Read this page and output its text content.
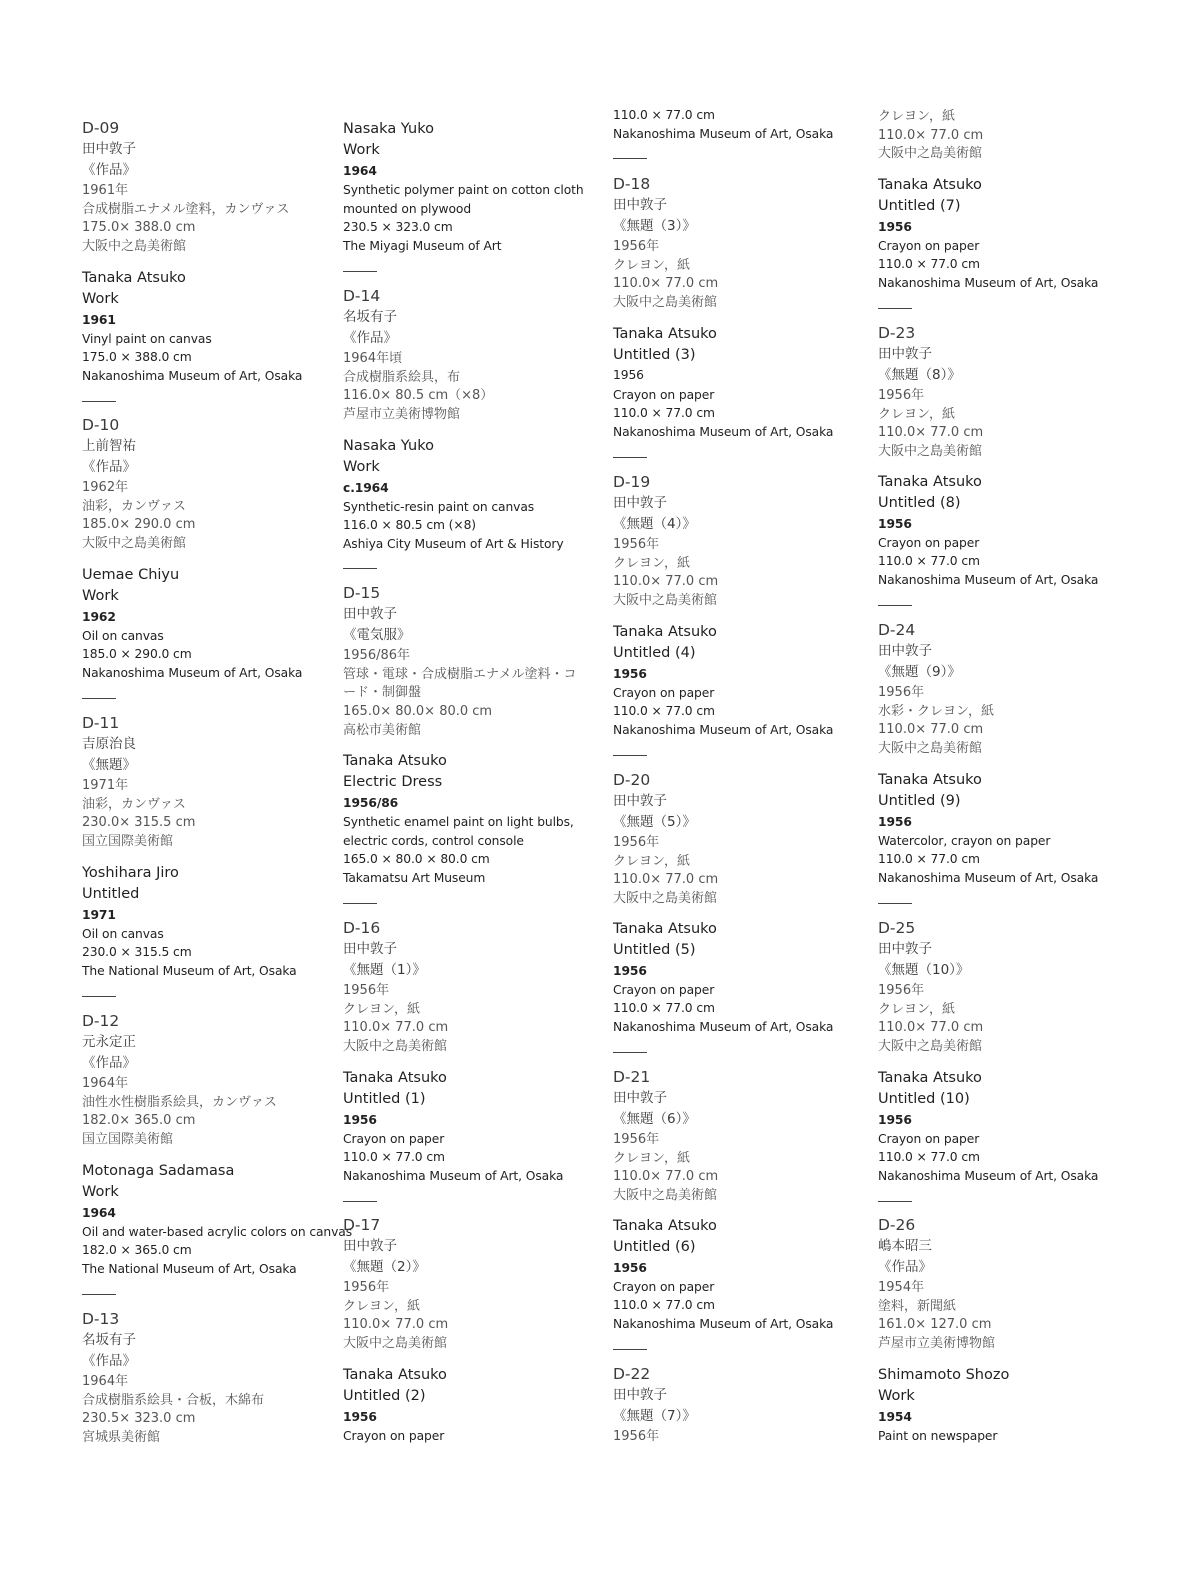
D-09
田中敦子
《作品》
1961年
合成樹脂エナメル塗料，カンヴァス
175.0× 388.0 cm
大阪中之島美術館
Tanaka Atsuko
Work
1961
Vinyl paint on canvas
175.0 × 388.0 cm
Nakanoshima Museum of Art, Osaka
D-10
上前智祐
《作品》
1962年
油彩，カンヴァス
185.0× 290.0 cm
大阪中之島美術館
Uemae Chiyu
Work
1962
Oil on canvas
185.0 × 290.0 cm
Nakanoshima Museum of Art, Osaka
D-11
吉原治良
《無題》
1971年
油彩，カンヴァス
230.0× 315.5 cm
国立国際美術館
Yoshihara Jiro
Untitled
1971
Oil on canvas
230.0 × 315.5 cm
The National Museum of Art, Osaka
D-12
元永定正
《作品》
1964年
油性水性樹脂系絵具，カンヴァス
182.0× 365.0 cm
国立国際美術館
Motonaga Sadamasa
Work
1964
Oil and water-based acrylic colors on canvas
182.0 × 365.0 cm
The National Museum of Art, Osaka
D-13
名坂有子
《作品》
1964年
合成樹脂系絵具・合板，木綿布
230.5× 323.0 cm
宮城県美術館
Nasaka Yuko
Work
1964
Synthetic polymer paint on cotton cloth
mounted on plywood
230.5 × 323.0 cm
The Miyagi Museum of Art
D-14
名坂有子
《作品》
1964年頃
合成樹脂系絵具，布
116.0× 80.5 cm（×8）
芦屋市立美術博物館
Nasaka Yuko
Work
c.1964
Synthetic-resin paint on canvas
116.0 × 80.5 cm (×8)
Ashiya City Museum of Art & History
D-15
田中敦子
《電気服》
1956/86年
管球・電球・合成樹脂エナメル塗料・コ
ード・制御盤
165.0× 80.0× 80.0 cm
高松市美術館
Tanaka Atsuko
Electric Dress
1956/86
Synthetic enamel paint on light bulbs,
electric cords, control console
165.0 × 80.0 × 80.0 cm
Takamatsu Art Museum
D-16
田中敦子
《無題（1）》
1956年
クレヨン，紙
110.0× 77.0 cm
大阪中之島美術館
Tanaka Atsuko
Untitled (1)
1956
Crayon on paper
110.0 × 77.0 cm
Nakanoshima Museum of Art, Osaka
D-17
田中敦子
《無題（2）》
1956年
クレヨン，紙
110.0× 77.0 cm
大阪中之島美術館
Tanaka Atsuko
Untitled (2)
1956
Crayon on paper
110.0 × 77.0 cm
Nakanoshima Museum of Art, Osaka
D-18
田中敦子
《無題（3）》
1956年
クレヨン，紙
110.0× 77.0 cm
大阪中之島美術館
Tanaka Atsuko
Untitled (3)
1956
Crayon on paper
110.0 × 77.0 cm
Nakanoshima Museum of Art, Osaka
D-19
田中敦子
《無題（4）》
1956年
クレヨン，紙
110.0× 77.0 cm
大阪中之島美術館
Tanaka Atsuko
Untitled (4)
1956
Crayon on paper
110.0 × 77.0 cm
Nakanoshima Museum of Art, Osaka
D-20
田中敦子
《無題（5）》
1956年
クレヨン，紙
110.0× 77.0 cm
大阪中之島美術館
Tanaka Atsuko
Untitled (5)
1956
Crayon on paper
110.0 × 77.0 cm
Nakanoshima Museum of Art, Osaka
D-21
田中敦子
《無題（6）》
1956年
クレヨン，紙
110.0× 77.0 cm
大阪中之島美術館
Tanaka Atsuko
Untitled (6)
1956
Crayon on paper
110.0 × 77.0 cm
Nakanoshima Museum of Art, Osaka
D-22
田中敦子
《無題（7）》
1956年
クレヨン，紙
110.0× 77.0 cm
大阪中之島美術館
Tanaka Atsuko
Untitled (7)
1956
Crayon on paper
110.0 × 77.0 cm
Nakanoshima Museum of Art, Osaka
D-23
田中敦子
《無題（8）》
1956年
クレヨン，紙
110.0× 77.0 cm
大阪中之島美術館
Tanaka Atsuko
Untitled (8)
1956
Crayon on paper
110.0 × 77.0 cm
Nakanoshima Museum of Art, Osaka
D-24
田中敦子
《無題（9）》
1956年
水彩・クレヨン，紙
110.0× 77.0 cm
大阪中之島美術館
Tanaka Atsuko
Untitled (9)
1956
Watercolor, crayon on paper
110.0 × 77.0 cm
Nakanoshima Museum of Art, Osaka
D-25
田中敦子
《無題（10）》
1956年
クレヨン，紙
110.0× 77.0 cm
大阪中之島美術館
Tanaka Atsuko
Untitled (10)
1956
Crayon on paper
110.0 × 77.0 cm
Nakanoshima Museum of Art, Osaka
D-26
嶋本昭三
《作品》
1954年
塗料，新聞紙
161.0× 127.0 cm
芦屋市立美術博物館
Shimamoto Shozo
Work
1954
Paint on newspaper
